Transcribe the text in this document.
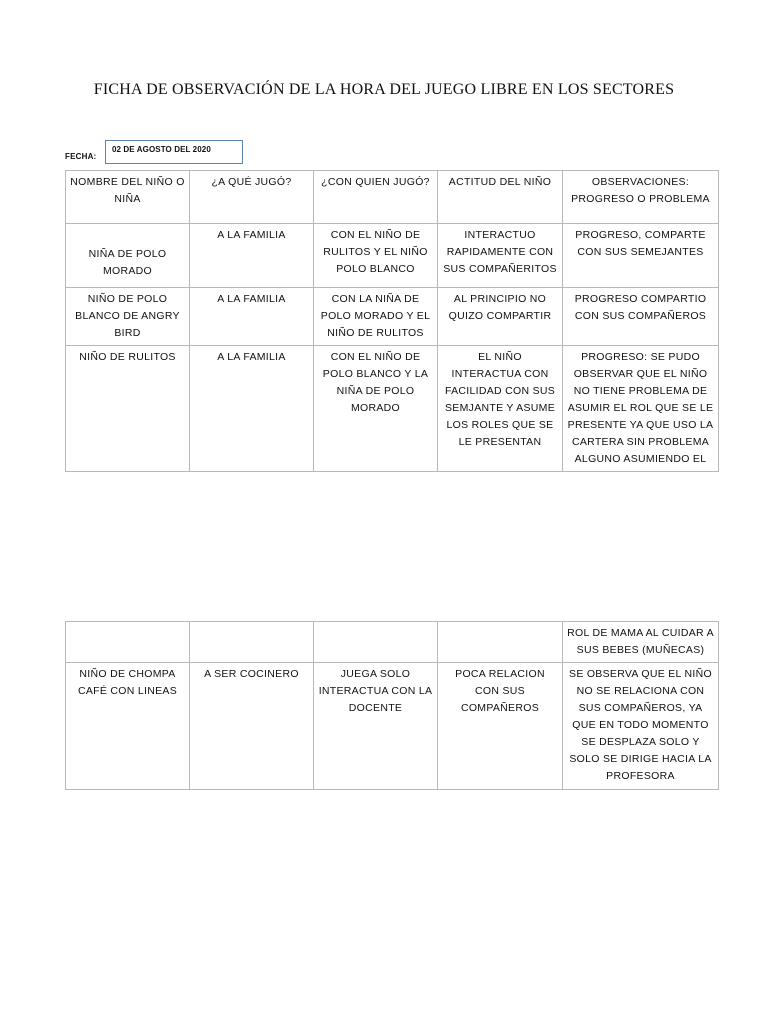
FICHA DE OBSERVACIÓN DE LA HORA DEL JUEGO LIBRE EN LOS SECTORES
FECHA:
02 DE AGOSTO DEL 2020
NOMBRE DEL NIÑO O NIÑA	¿A QUÉ JUGÓ?	¿CON QUIEN JUGÓ?	ACTITUD DEL NIÑO	OBSERVACIONES: PROGRESO O PROBLEMA
NIÑA DE POLO MORADO	A LA FAMILIA	CON EL NIÑO DE RULITOS Y EL NIÑO POLO BLANCO	INTERACTUO RAPIDAMENTE CON SUS COMPAÑERITOS	PROGRESO, COMPARTE CON SUS SEMEJANTES
NIÑO DE POLO BLANCO DE ANGRY BIRD	A LA FAMILIA	CON LA NIÑA DE POLO MORADO Y EL NIÑO DE RULITOS	AL PRINCIPIO NO QUIZO COMPARTIR	PROGRESO COMPARTIO CON SUS COMPAÑEROS
NIÑO DE RULITOS	A LA FAMILIA	CON EL NIÑO DE POLO BLANCO Y LA NIÑA DE POLO MORADO	EL NIÑO INTERACTUA CON FACILIDAD CON SUS SEMJANTE Y ASUME LOS ROLES QUE SE LE PRESENTAN	PROGRESO: SE PUDO OBSERVAR QUE EL NIÑO NO TIENE PROBLEMA DE ASUMIR EL ROL QUE SE LE PRESENTE YA QUE USO LA CARTERA SIN PROBLEMA ALGUNO ASUMIENDO EL
				ROL DE MAMA AL CUIDAR A SUS BEBES (MUÑECAS)
NIÑO DE CHOMPA CAFÉ CON LINEAS	A SER COCINERO	JUEGA SOLO INTERACTUA CON LA DOCENTE	POCA RELACION CON SUS COMPAÑEROS	SE OBSERVA QUE EL NIÑO NO SE RELACIONA CON SUS COMPAÑEROS, YA QUE EN TODO MOMENTO SE DESPLAZA SOLO Y SOLO SE DIRIGE HACIA LA PROFESORA
